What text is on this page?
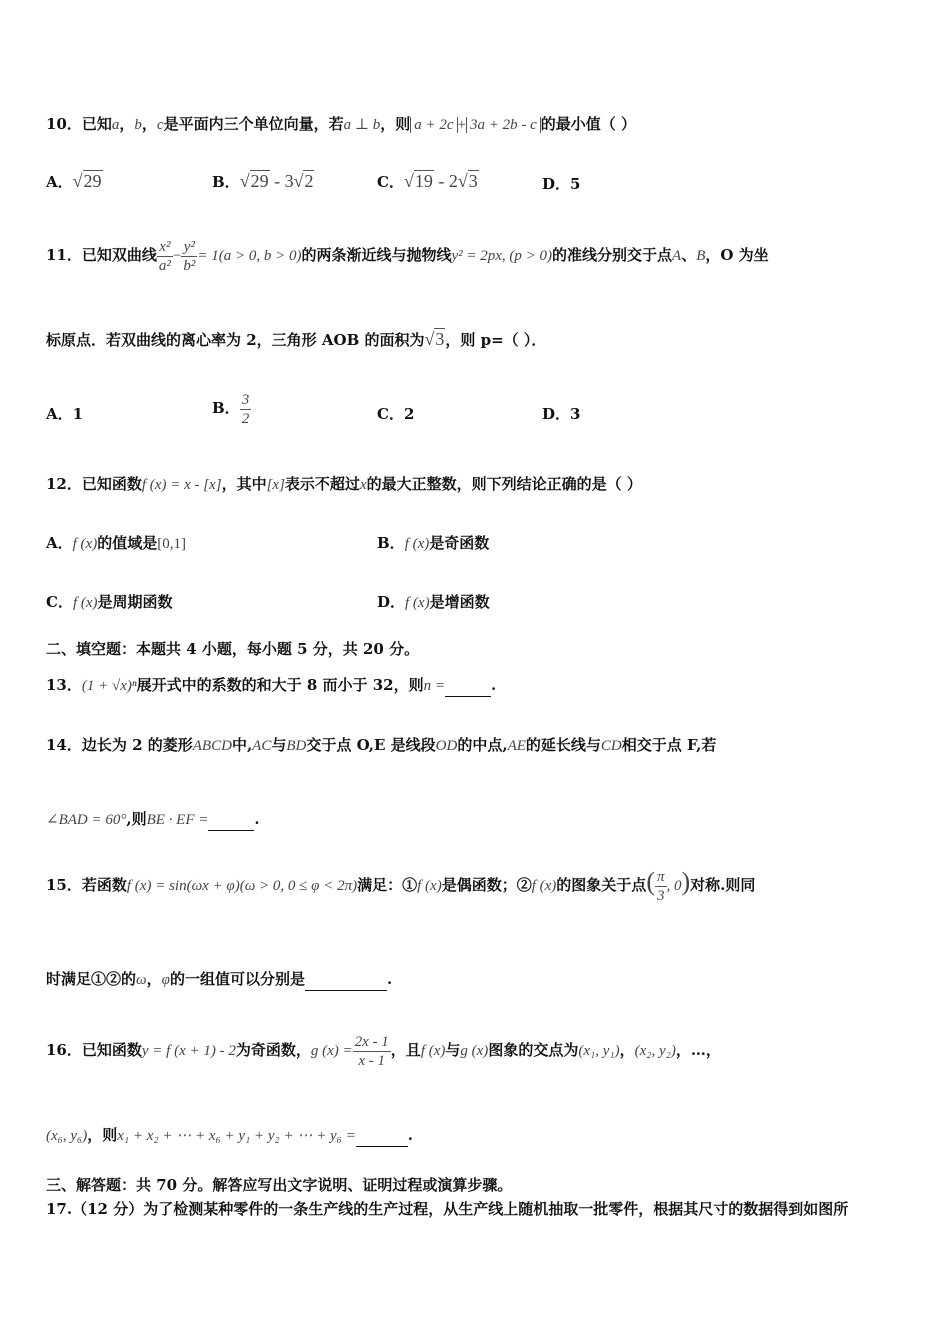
10．已知a，b，c是平面内三个单位向量，若a ⊥ b，则 a + 2c + 3a + 2b - c 的最小值（ ）
A．√29	B．√29 - 3√2	C．√19 - 2√3	D．5
11．已知双曲线 $\frac{\text{x²}}{\text{a²}} - \frac{\text{y²}}{\text{b²}} = 1(a > 0$, b > 0)的两条渐近线与抛物线y² = 2px, (p > 0)的准线分别交于点A、B，O 为坐
标原点．若双曲线的离心率为 2，三角形 AOB 的面积为√3，则 p=（ ）．
A．1	B． $\frac{3}{2}$	C．2	D．3
12．已知函数f (x) = x - [x]，其中[x]表示不超过x的最大正整数，则下列结论正确的是（ ）
A．f (x)的值域是[0,1]	B．f (x)是奇函数
C．f (x)是周期函数	D．f (x)是增函数
二、填空题：本题共 4 小题，每小题 5 分，共 20 分。
13．(1 + √x)ⁿ展开式中的系数的和大于 8 而小于 32，则n =	.
14．边长为 2 的菱形ABCD中,AC与BD交于点 O,E 是线段OD的中点,AE的延长线与CD相交于点 F,若
∠BAD = 60°,则BE · EF =	.
15．若函数f (x) = sin(ωx + φ)(ω > 0, 0 ≤ φ < 2π)满足：①f (x)是偶函数；②f (x)的图象关于点( $\frac{\pi}{3}$ , 0)对称.则同
时满足①②的ω，φ的一组值可以分别是	.
16．已知函数y = f (x + 1) - 2为奇函数，g $(x) = \frac{2x - 1}{x - 1}$ ，且f (x)与g (x)图象的交点为(x₁, y₁)，(x₂, y₂)，…，
(x₆, y₆)，则x₁ + x₂ + ⋯ + x₆ + y₁ + y₂ + ⋯ + y₆ =	.
三、解答题：共 70 分。解答应写出文字说明、证明过程或演算步骤。
17.（12 分）为了检测某种零件的一条生产线的生产过程，从生产线上随机抽取一批零件，根据其尺寸的数据得到如图所
